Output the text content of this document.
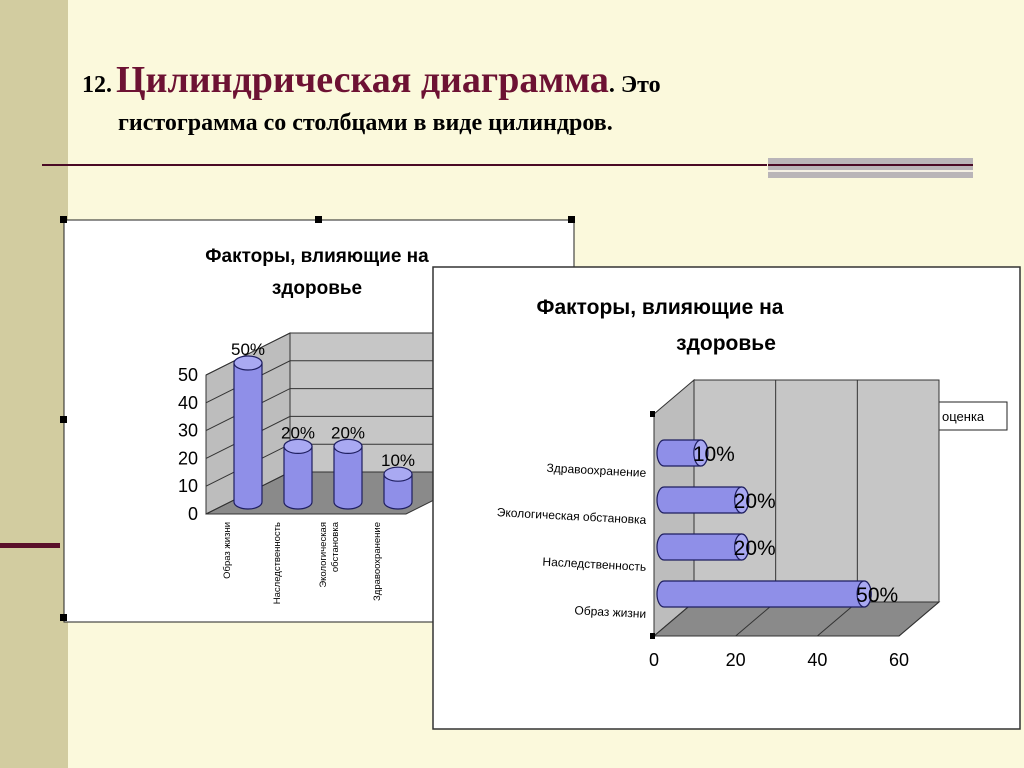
12. Цилиндрическая диаграмма. Это
гистограмма со столбцами в виде цилиндров.
Факторы, влияющие на
здоровье
0
10
20
30
40
50
50%
Образ жизни
20%
Наследственность
20%
Экологическая обстановка
10%
Здравоохранение
Факторы, влияющие на
здоровье
оценка
0	20	40	60
50%
Образ жизни
20%
Наследственность
20%
Экологическая обстановка
10%
Здравоохранение
